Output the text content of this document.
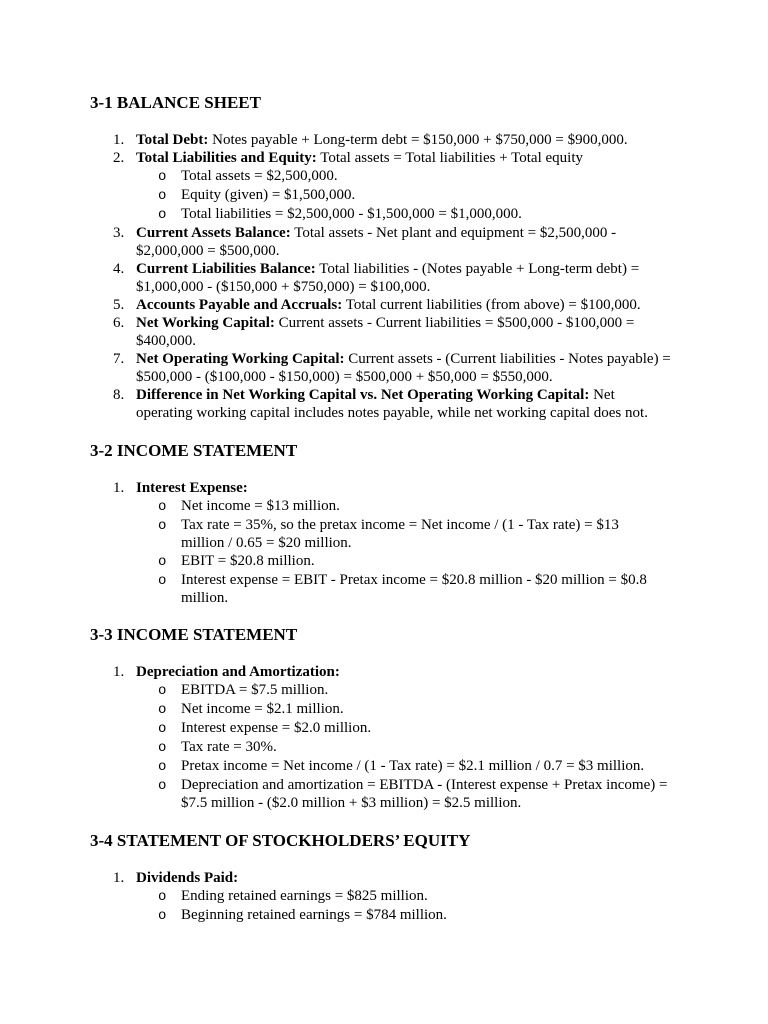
3-1 BALANCE SHEET
1. Total Debt: Notes payable + Long-term debt = $150,000 + $750,000 = $900,000.
2. Total Liabilities and Equity: Total assets = Total liabilities + Total equity
o Total assets = $2,500,000.
o Equity (given) = $1,500,000.
o Total liabilities = $2,500,000 - $1,500,000 = $1,000,000.
3. Current Assets Balance: Total assets - Net plant and equipment = $2,500,000 -
$2,000,000 = $500,000.
4. Current Liabilities Balance: Total liabilities - (Notes payable + Long-term debt) =
$1,000,000 - ($150,000 + $750,000) = $100,000.
5. Accounts Payable and Accruals: Total current liabilities (from above) = $100,000.
6. Net Working Capital: Current assets - Current liabilities = $500,000 - $100,000 =
$400,000.
7. Net Operating Working Capital: Current assets - (Current liabilities - Notes payable) =
$500,000 - ($100,000 - $150,000) = $500,000 + $50,000 = $550,000.
8. Difference in Net Working Capital vs. Net Operating Working Capital: Net
operating working capital includes notes payable, while net working capital does not.
3-2 INCOME STATEMENT
1. Interest Expense:
o Net income = $13 million.
o Tax rate = 35%, so the pretax income = Net income / (1 - Tax rate) = $13
million / 0.65 = $20 million.
o EBIT = $20.8 million.
o Interest expense = EBIT - Pretax income = $20.8 million - $20 million = $0.8
million.
3-3 INCOME STATEMENT
1. Depreciation and Amortization:
o EBITDA = $7.5 million.
o Net income = $2.1 million.
o Interest expense = $2.0 million.
o Tax rate = 30%.
o Pretax income = Net income / (1 - Tax rate) = $2.1 million / 0.7 = $3 million.
o Depreciation and amortization = EBITDA - (Interest expense + Pretax income) =
$7.5 million - ($2.0 million + $3 million) = $2.5 million.
3-4 STATEMENT OF STOCKHOLDERS’ EQUITY
1. Dividends Paid:
o Ending retained earnings = $825 million.
o Beginning retained earnings = $784 million.
